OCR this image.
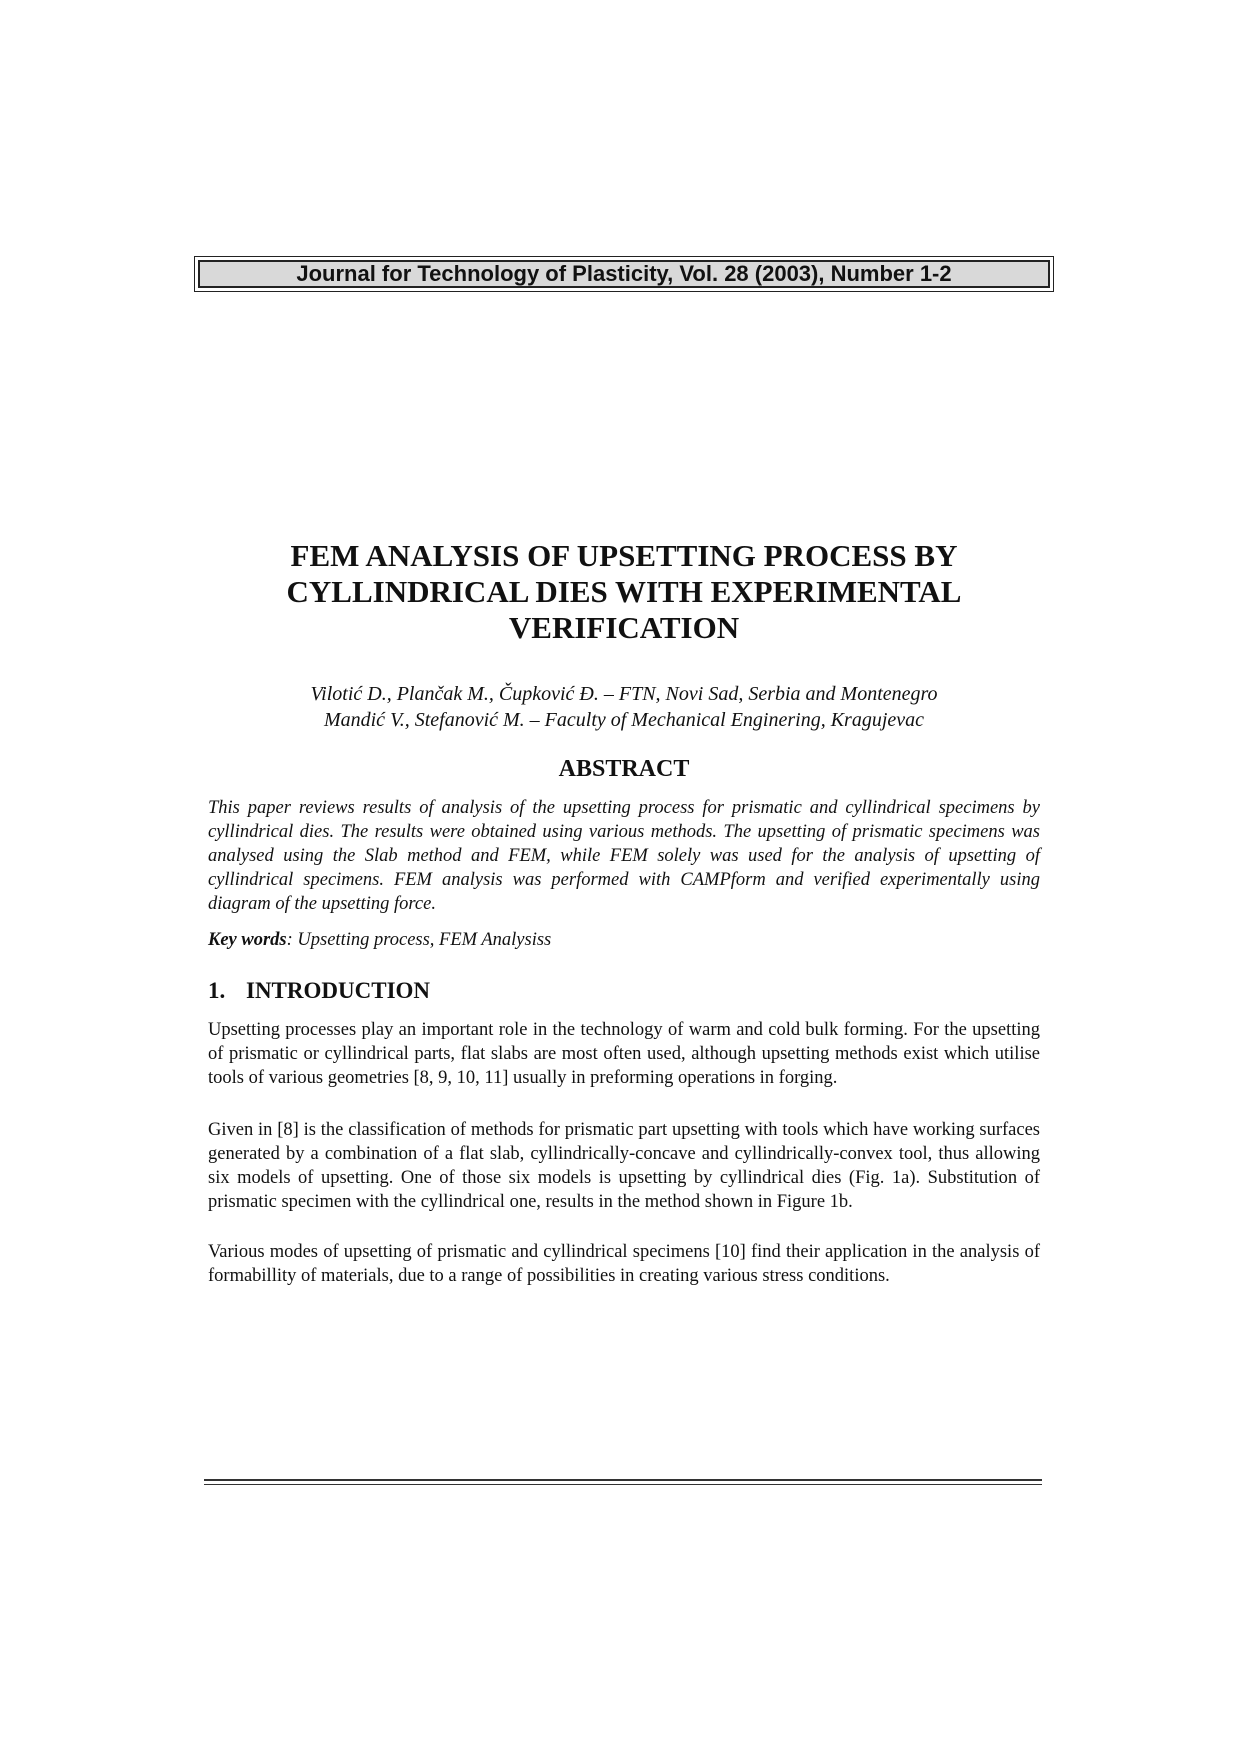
Journal for Technology of Plasticity, Vol. 28 (2003), Number 1-2
FEM ANALYSIS OF UPSETTING PROCESS BY
CYLLINDRICAL DIES WITH EXPERIMENTAL
VERIFICATION
Vilotić D., Plančak M., Čupković Đ. – FTN, Novi Sad, Serbia and Montenegro
Mandić V., Stefanović M. – Faculty of Mechanical Enginering, Kragujevac
ABSTRACT

This paper reviews results of analysis of the upsetting process for prismatic and cyllindrical specimens by cyllindrical dies. The results were obtained using various methods. The upsetting of prismatic specimens was analysed using the Slab method and FEM, while FEM solely was used for the analysis of upsetting of cyllindrical specimens. FEM analysis was performed with CAMPform and verified experimentally using diagram of the upsetting force.

Key words: Upsetting process, FEM Analysiss

1. INTRODUCTION

Upsetting processes play an important role in the technology of warm and cold bulk forming. For the upsetting of prismatic or cyllindrical parts, flat slabs are most often used, although upsetting methods exist which utilise tools of various geometries [8, 9, 10, 11] usually in preforming operations in forging.

Given in [8] is the classification of methods for prismatic part upsetting with tools which have working surfaces generated by a combination of a flat slab, cyllindrically-concave and cyllindrically-convex tool, thus allowing six models of upsetting. One of those six models is upsetting by cyllindrical dies (Fig. 1a). Substitution of prismatic specimen with the cyllindrical one, results in the method shown in Figure 1b.

Various modes of upsetting of prismatic and cyllindrical specimens [10] find their application in the analysis of formabillity of materials, due to a range of possibilities in creating various stress conditions.
